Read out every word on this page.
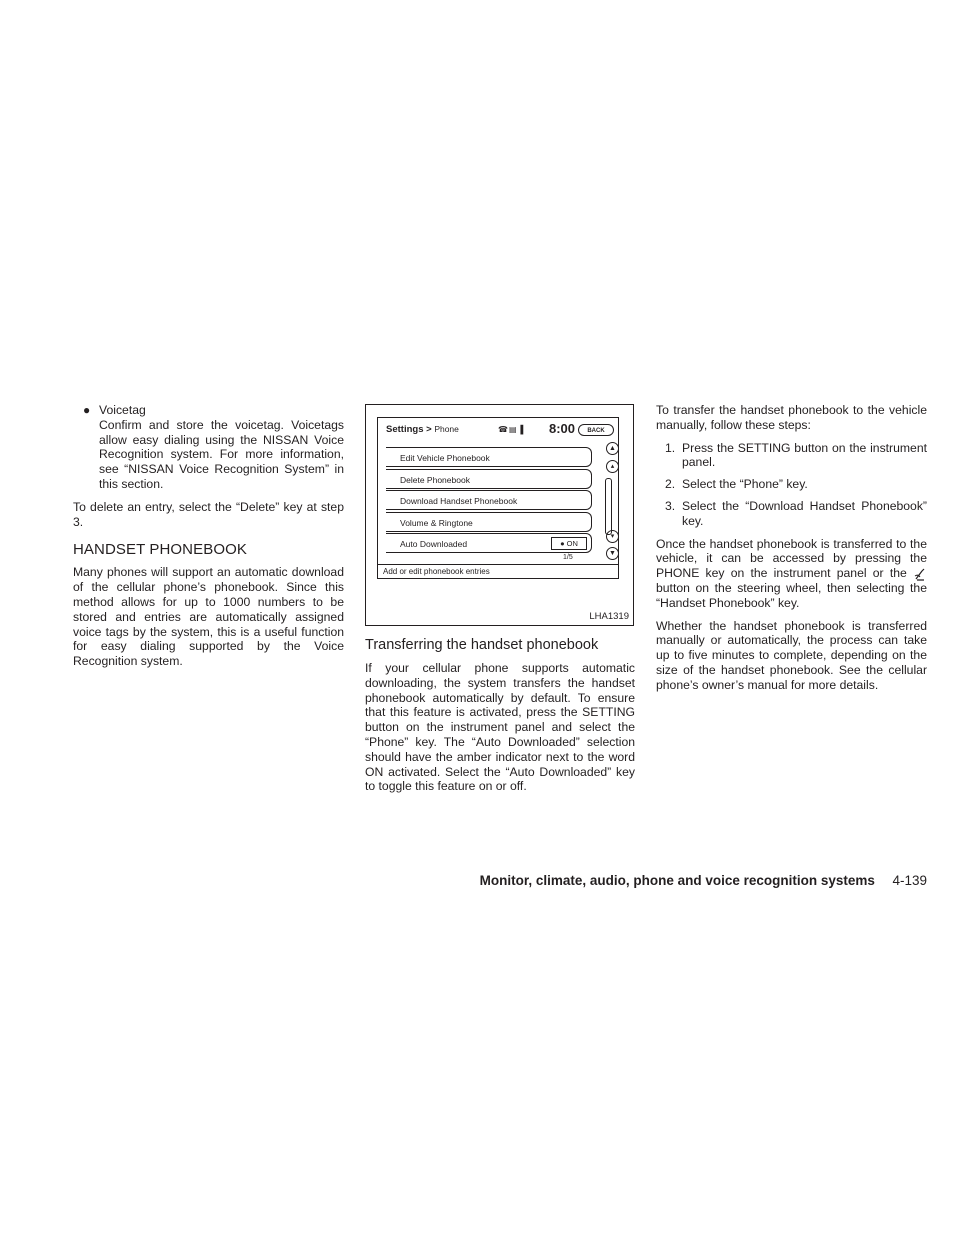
● Voicetag
Confirm and store the voicetag. Voicetags allow easy dialing using the NISSAN Voice Recognition system. For more information, see “NISSAN Voice Recognition System” in this section.

To delete an entry, select the “Delete” key at step 3.

HANDSET PHONEBOOK

Many phones will support an automatic download of the cellular phone’s phonebook. Since this method allows for up to 1000 numbers to be stored and entries are automatically assigned voice tags by the system, this is a useful function for easy dialing supported by the Voice Recognition system.

Settings > Phone	☎▤▐ 8:00	BACK
Edit Vehicle Phonebook
Delete Phonebook
Download Handset Phonebook
Volume & Ringtone
Auto Downloaded	● ON
1/5
▲
▴
▾
▼
Add or edit phonebook entries
LHA1319
Transferring the handset phonebook

If your cellular phone supports automatic downloading, the system transfers the handset phonebook automatically by default. To ensure that this feature is activated, press the SETTING button on the instrument panel and select the “Phone” key. The “Auto Downloaded” selection should have the amber indicator next to the word ON activated. Select the “Auto Downloaded” key to toggle this feature on or off.

To transfer the handset phonebook to the vehicle manually, follow these steps:

1. Press the SETTING button on the instrument panel.
2. Select the “Phone” key.
3. Select the “Download Handset Phonebook” key.

Once the handset phonebook is transferred to the vehicle, it can be accessed by pressing the PHONE key on the instrument panel or the  button on the steering wheel, then selecting the “Handset Phonebook” key.

Whether the handset phonebook is transferred manually or automatically, the process can take up to five minutes to complete, depending on the size of the handset phonebook. See the cellular phone’s owner’s manual for more details.

Monitor, climate, audio, phone and voice recognition systems 4-139
